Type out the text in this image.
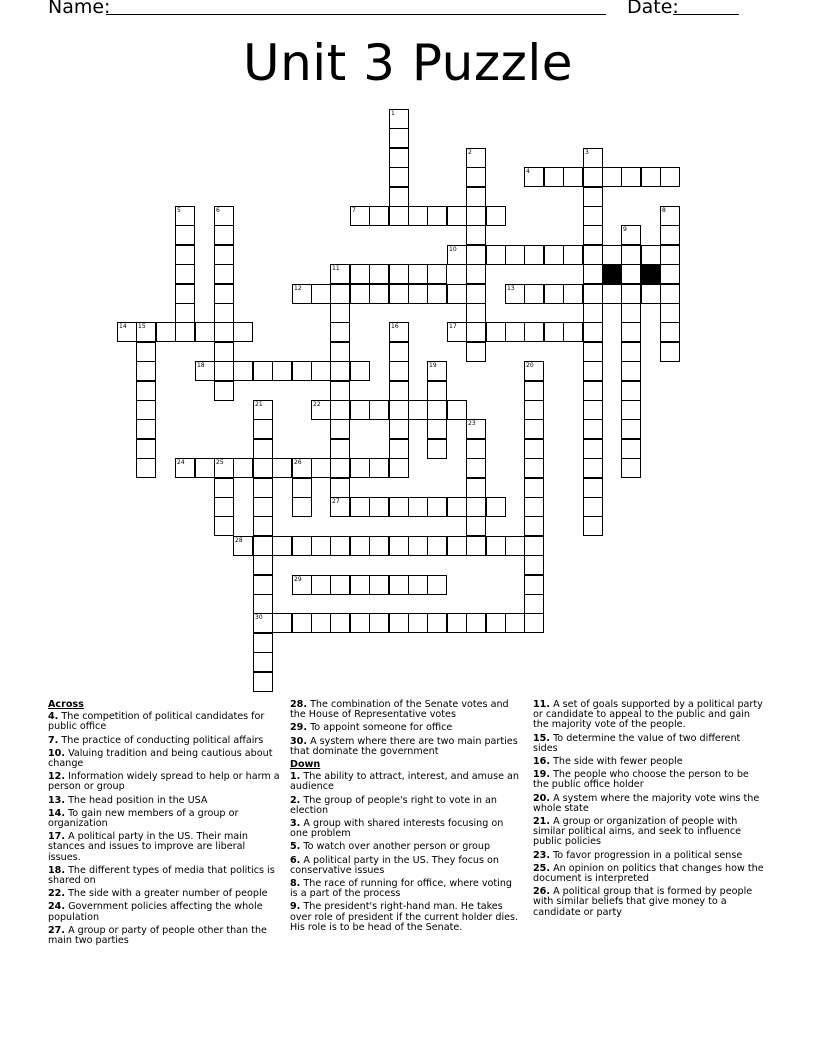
Name:	Date:
Unit 3 Puzzle
1
2	3
5	6	8
9
11
27
15	16
19	20
21
30
23
25	26
4
7
10
12	13
14	17
18
22
24
28
29
Across
4. The competition of political candidates for public office
7. The practice of conducting political affairs
10. Valuing tradition and being cautious about change
12. Information widely spread to help or harm a person or group
13. The head position in the USA
14. To gain new members of a group or organization
17. A political party in the US. Their main stances and issues to improve are liberal issues.
18. The different types of media that politics is shared on
22. The side with a greater number of people
24. Government policies affecting the whole population
27. A group or party of people other than the main two parties
28. The combination of the Senate votes and the House of Representative votes
29. To appoint someone for office
30. A system where there are two main parties that dominate the government
Down
1. The ability to attract, interest, and amuse an audience
2. The group of people's right to vote in an election
3. A group with shared interests focusing on one problem
5. To watch over another person or group
6. A political party in the US. They focus on conservative issues
8. The race of running for office, where voting is a part of the process
9. The president's right-hand man. He takes over role of president if the current holder dies. His role is to be head of the Senate.
11. A set of goals supported by a political party or candidate to appeal to the public and gain the majority vote of the people.
15. To determine the value of two different sides
16. The side with fewer people
19. The people who choose the person to be the public office holder
20. A system where the majority vote wins the whole state
21. A group or organization of people with similar political aims, and seek to influence public policies
23. To favor progression in a political sense
25. An opinion on politics that changes how the document is interpreted
26. A political group that is formed by people with similar beliefs that give money to a candidate or party
